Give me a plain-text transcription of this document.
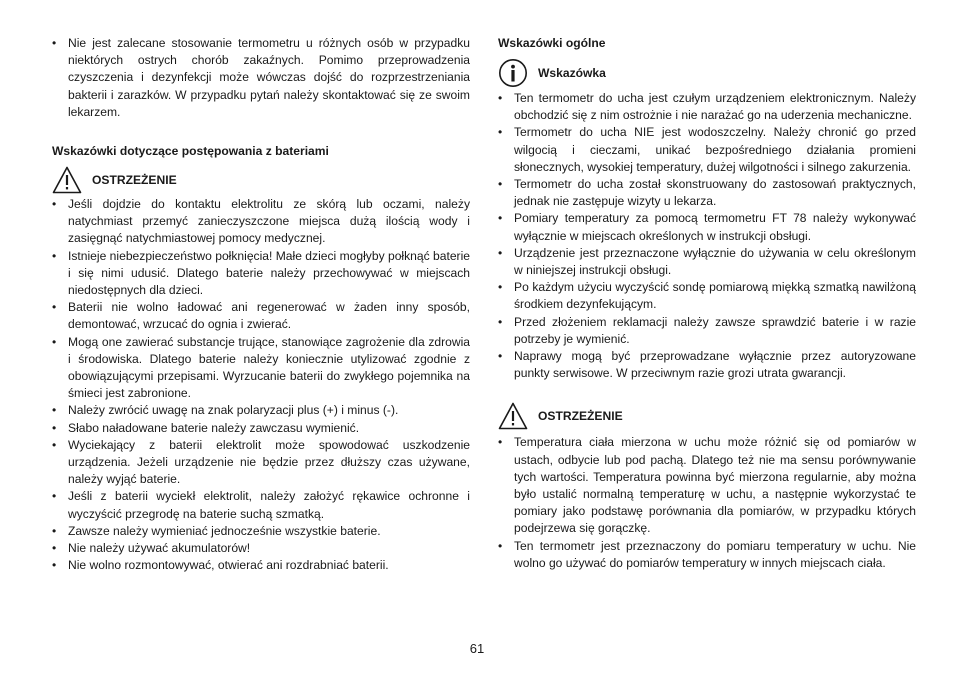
• Nie jest zalecane stosowanie termometru u różnych osób w przypadku niektórych ostrych chorób zakaźnych. Pomimo przeprowadzenia czyszczenia i dezynfekcji może wówczas dojść do rozprzestrzeniania bakterii i zarazków. W przypadku pytań należy skontaktować się ze swoim lekarzem.
Wskazówki dotyczące postępowania z bateriami
OSTRZEŻENIE
• Jeśli dojdzie do kontaktu elektrolitu ze skórą lub oczami, należy natychmiast przemyć zanieczyszczone miejsca dużą ilością wody i zasięgnąć natychmiastowej pomocy medycznej.
• Istnieje niebezpieczeństwo połknięcia! Małe dzieci mogłyby połknąć baterie i się nimi udusić. Dlatego baterie należy przechowywać w miejscach niedostępnych dla dzieci.
• Baterii nie wolno ładować ani regenerować w żaden inny sposób, demontować, wrzucać do ognia i zwierać.
• Mogą one zawierać substancje trujące, stanowiące zagrożenie dla zdrowia i środowiska. Dlatego baterie należy koniecznie utylizować zgodnie z obowiązującymi przepisami. Wyrzucanie baterii do zwykłego pojemnika na śmieci jest zabronione.
• Należy zwrócić uwagę na znak polaryzacji plus (+) i minus (-).
• Słabo naładowane baterie należy zawczasu wymienić.
• Wyciekający z baterii elektrolit może spowodować uszkodzenie urządzenia. Jeżeli urządzenie nie będzie przez dłuższy czas używane, należy wyjąć baterie.
• Jeśli z baterii wyciekł elektrolit, należy założyć rękawice ochronne i wyczyścić przegrodę na baterie suchą szmatką.
• Zawsze należy wymieniać jednocześnie wszystkie baterie.
• Nie należy używać akumulatorów!
• Nie wolno rozmontowywać, otwierać ani rozdrabniać baterii.
Wskazówki ogólne
Wskazówka
• Ten termometr do ucha jest czułym urządzeniem elektronicznym. Należy obchodzić się z nim ostrożnie i nie narażać go na uderzenia mechaniczne.
• Termometr do ucha NIE jest wodoszczelny. Należy chronić go przed wilgocią i cieczami, unikać bezpośredniego działania promieni słonecznych, wysokiej temperatury, dużej wilgotności i silnego zakurzenia.
• Termometr do ucha został skonstruowany do zastosowań praktycznych, jednak nie zastępuje wizyty u lekarza.
• Pomiary temperatury za pomocą termometru FT 78 należy wykonywać wyłącznie w miejscach określonych w instrukcji obsługi.
• Urządzenie jest przeznaczone wyłącznie do używania w celu określonym w niniejszej instrukcji obsługi.
• Po każdym użyciu wyczyścić sondę pomiarową miękką szmatką nawilżoną środkiem dezynfekującym.
• Przed złożeniem reklamacji należy zawsze sprawdzić baterie i w razie potrzeby je wymienić.
• Naprawy mogą być przeprowadzane wyłącznie przez autoryzowane punkty serwisowe. W przeciwnym razie grozi utrata gwarancji.
OSTRZEŻENIE
• Temperatura ciała mierzona w uchu może różnić się od pomiarów w ustach, odbycie lub pod pachą. Dlatego też nie ma sensu porównywanie tych wartości. Temperatura powinna być mierzona regularnie, aby można było ustalić normalną temperaturę w uchu, a następnie wykorzystać te pomiary jako podstawę porównania dla pomiarów, w przypadku których podejrzewa się gorączkę.
• Ten termometr jest przeznaczony do pomiaru temperatury w uchu. Nie wolno go używać do pomiarów temperatury w innych miejscach ciała.
61
